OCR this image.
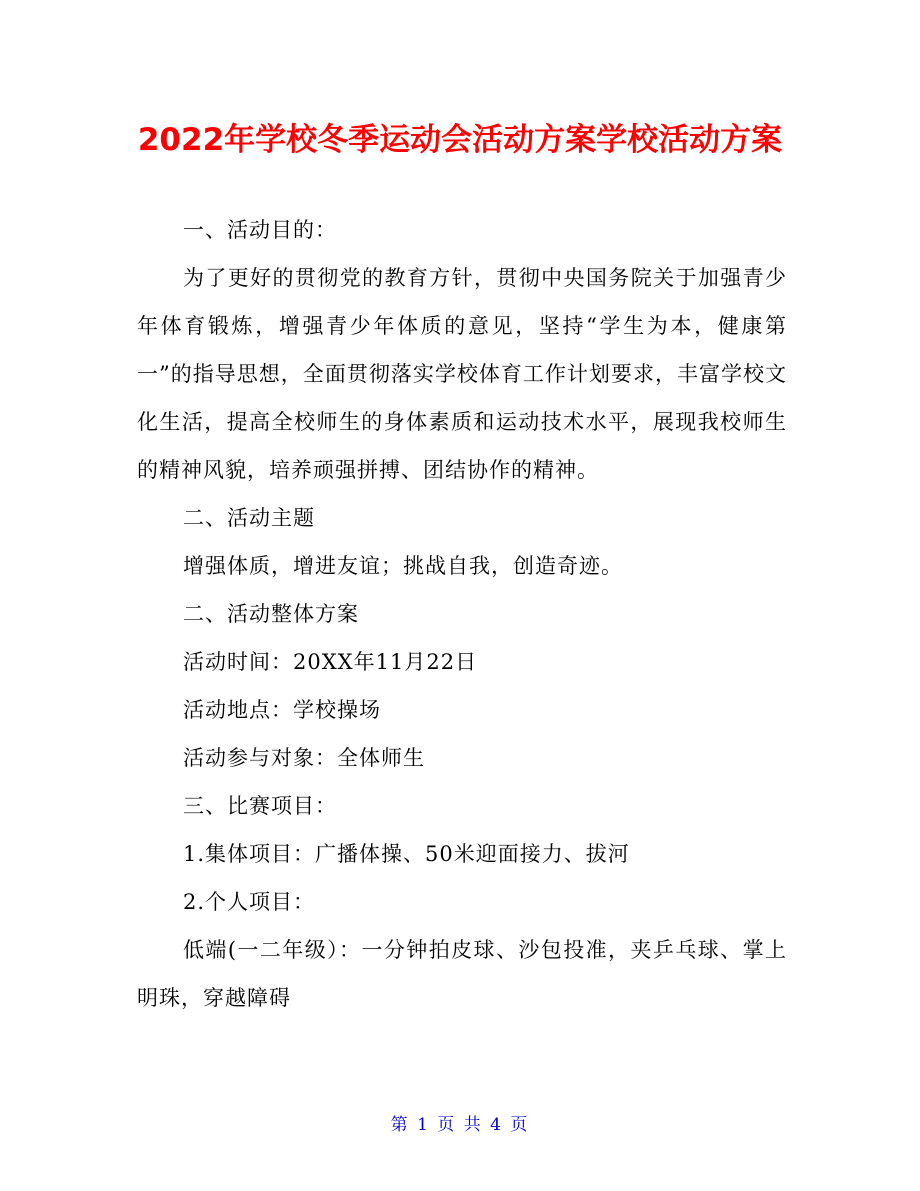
2022年学校冬季运动会活动方案学校活动方案

一、活动目的：

为了更好的贯彻党的教育方针，贯彻中央国务院关于加强青少年体育锻炼，增强青少年体质的意见，坚持“学生为本，健康第一”的指导思想，全面贯彻落实学校体育工作计划要求，丰富学校文化生活，提高全校师生的身体素质和运动技术水平，展现我校师生的精神风貌，培养顽强拼搏、团结协作的精神。

二、活动主题

增强体质，增进友谊；挑战自我，创造奇迹。

二、活动整体方案

活动时间：20XX年11月22日

活动地点：学校操场

活动参与对象：全体师生

三、比赛项目：

1.集体项目：广播体操、50米迎面接力、拔河

2.个人项目：

低端(一二年级）：一分钟拍皮球、沙包投准，夹乒乓球、掌上明珠，穿越障碍

第 1 页 共 4 页
